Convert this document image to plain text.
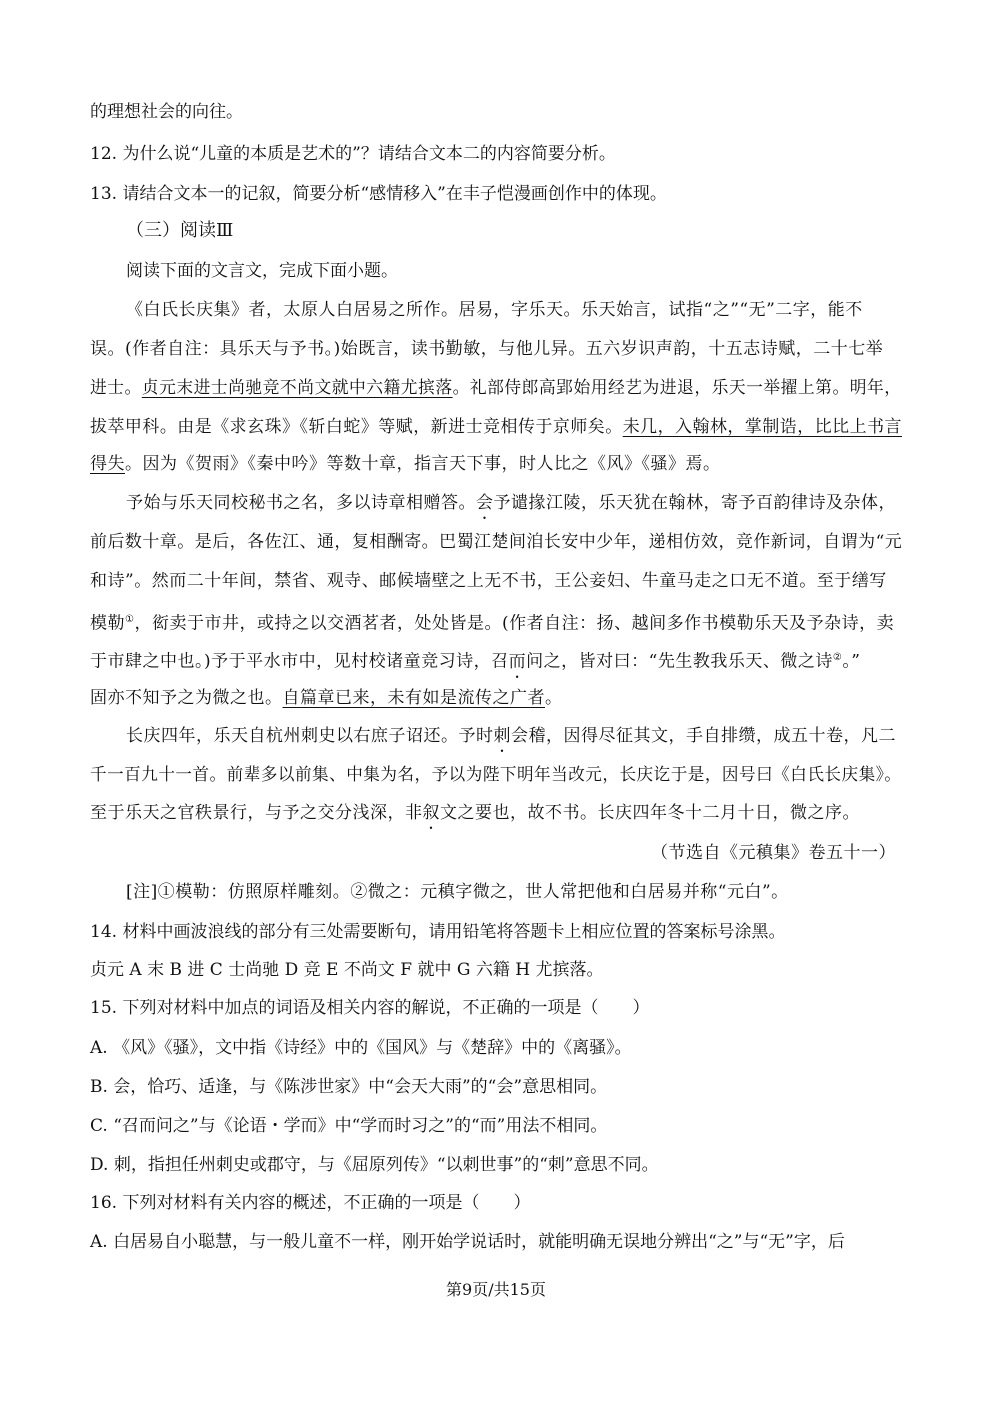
的理想社会的向往。
12. 为什么说“儿童的本质是艺术的”？请结合文本二的内容简要分析。
13. 请结合文本一的记叙，简要分析“感情移入”在丰子恺漫画创作中的体现。
（三）阅读Ⅲ
阅读下面的文言文，完成下面小题。
《白氏长庆集》者，太原人白居易之所作。居易，字乐天。乐天始言，试指“之”“无”二字，能不
误。(作者自注：具乐天与予书。)始既言，读书勤敏，与他儿异。五六岁识声韵，十五志诗赋，二十七举
进士。贞元末进士尚驰竞不尚文就中六籍尤摈落。礼部侍郎高郢始用经艺为进退，乐天一举擢上第。明年，
拔萃甲科。由是《求玄珠》《斩白蛇》等赋，新进士竞相传于京师矣。未几，入翰林，掌制诰，比比上书言
得失。因为《贺雨》《秦中吟》等数十章，指言天下事，时人比之《风》《骚》焉。
予始与乐天同校秘书之名，多以诗章相赠答。会予谴掾江陵，乐天犹在翰林，寄予百韵律诗及杂体，
前后数十章。是后，各佐江、通，复相酬寄。巴蜀江楚间洎长安中少年，递相仿效，竞作新词，自谓为“元
和诗”。然而二十年间，禁省、观寺、邮候墙壁之上无不书，王公妾妇、牛童马走之口无不道。至于缮写
模勒①，衒卖于市井，或持之以交酒茗者，处处皆是。(作者自注：扬、越间多作书模勒乐天及予杂诗，卖
于市肆之中也。)予于平水市中，见村校诸童竞习诗，召而问之，皆对曰：“先生教我乐天、微之诗②。”
固亦不知予之为微之也。自篇章已来，未有如是流传之广者。
长庆四年，乐天自杭州刺史以右庶子诏还。予时刺会稽，因得尽征其文，手自排缵，成五十卷，凡二
千一百九十一首。前辈多以前集、中集为名，予以为陛下明年当改元，长庆讫于是，因号曰《白氏长庆集》。
至于乐天之官秩景行，与予之交分浅深，非叙文之要也，故不书。长庆四年冬十二月十日，微之序。
（节选自《元稹集》卷五十一）
[注]①模勒：仿照原样雕刻。②微之：元稹字微之，世人常把他和白居易并称“元白”。
14. 材料中画波浪线的部分有三处需要断句，请用铅笔将答题卡上相应位置的答案标号涂黑。
贞元 A 末 B 进 C 士尚驰 D 竞 E 不尚文 F 就中 G 六籍 H 尤摈落。
15. 下列对材料中加点的词语及相关内容的解说，不正确的一项是（　　）
A. 《风》《骚》，文中指《诗经》中的《国风》与《楚辞》中的《离骚》。
B. 会，恰巧、适逢，与《陈涉世家》中“会天大雨”的“会”意思相同。
C. “召而问之”与《论语・学而》中“学而时习之”的“而”用法不相同。
D. 刺，指担任州刺史或郡守，与《屈原列传》“以刺世事”的“刺”意思不同。
16. 下列对材料有关内容的概述，不正确的一项是（　　）
A. 白居易自小聪慧，与一般儿童不一样，刚开始学说话时，就能明确无误地分辨出“之”与“无”字，后
第9页/共15页
